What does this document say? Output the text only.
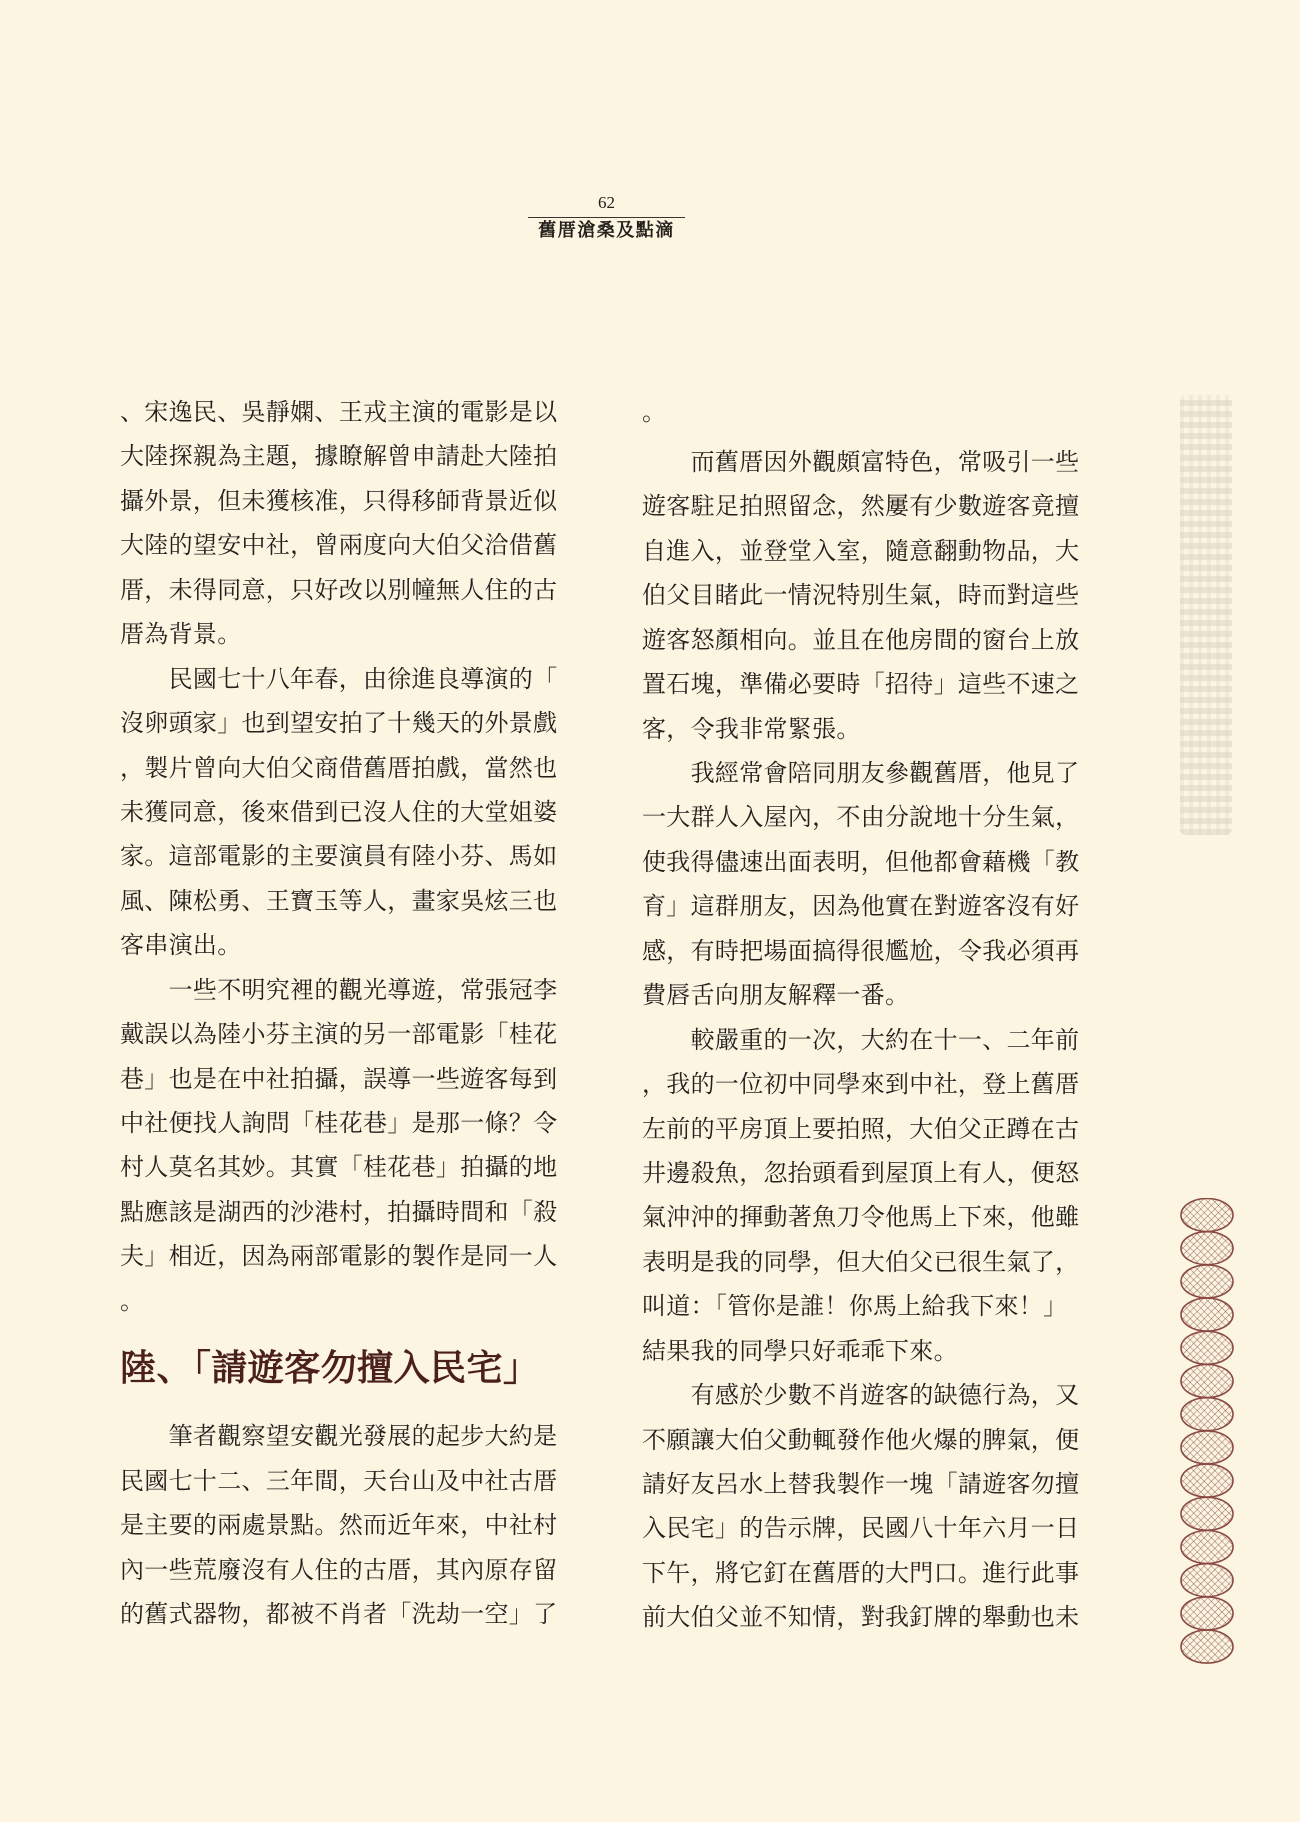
62
舊厝滄桑及點滴
、宋逸民、吳靜嫻、王戎主演的電影是以
大陸探親為主題，據瞭解曾申請赴大陸拍
攝外景，但未獲核准，只得移師背景近似
大陸的望安中社，曾兩度向大伯父洽借舊
厝，未得同意，只好改以別幢無人住的古
厝為背景。
民國七十八年春，由徐進良導演的「
沒卵頭家」也到望安拍了十幾天的外景戲
，製片曾向大伯父商借舊厝拍戲，當然也
未獲同意，後來借到已沒人住的大堂姐婆
家。這部電影的主要演員有陸小芬、馬如
風、陳松勇、王寶玉等人，畫家吳炫三也
客串演出。
一些不明究裡的觀光導遊，常張冠李
戴誤以為陸小芬主演的另一部電影「桂花
巷」也是在中社拍攝，誤導一些遊客每到
中社便找人詢問「桂花巷」是那一條？令
村人莫名其妙。其實「桂花巷」拍攝的地
點應該是湖西的沙港村，拍攝時間和「殺
夫」相近，因為兩部電影的製作是同一人
。
陸、「請遊客勿擅入民宅」
筆者觀察望安觀光發展的起步大約是
民國七十二、三年間，天台山及中社古厝
是主要的兩處景點。然而近年來，中社村
內一些荒廢沒有人住的古厝，其內原存留
的舊式器物，都被不肖者「洗劫一空」了
。
而舊厝因外觀頗富特色，常吸引一些
遊客駐足拍照留念，然屢有少數遊客竟擅
自進入，並登堂入室，隨意翻動物品，大
伯父目睹此一情況特別生氣，時而對這些
遊客怒顏相向。並且在他房間的窗台上放
置石塊，準備必要時「招待」這些不速之
客，令我非常緊張。
我經常會陪同朋友參觀舊厝，他見了
一大群人入屋內，不由分說地十分生氣，
使我得儘速出面表明，但他都會藉機「教
育」這群朋友，因為他實在對遊客沒有好
感，有時把場面搞得很尷尬，令我必須再
費唇舌向朋友解釋一番。
較嚴重的一次，大約在十一、二年前
，我的一位初中同學來到中社，登上舊厝
左前的平房頂上要拍照，大伯父正蹲在古
井邊殺魚，忽抬頭看到屋頂上有人，便怒
氣沖沖的揮動著魚刀令他馬上下來，他雖
表明是我的同學，但大伯父已很生氣了，
叫道：「管你是誰！你馬上給我下來！」
結果我的同學只好乖乖下來。
有感於少數不肖遊客的缺德行為，又
不願讓大伯父動輒發作他火爆的脾氣，便
請好友呂水上替我製作一塊「請遊客勿擅
入民宅」的告示牌，民國八十年六月一日
下午，將它釘在舊厝的大門口。進行此事
前大伯父並不知情，對我釘牌的舉動也未
